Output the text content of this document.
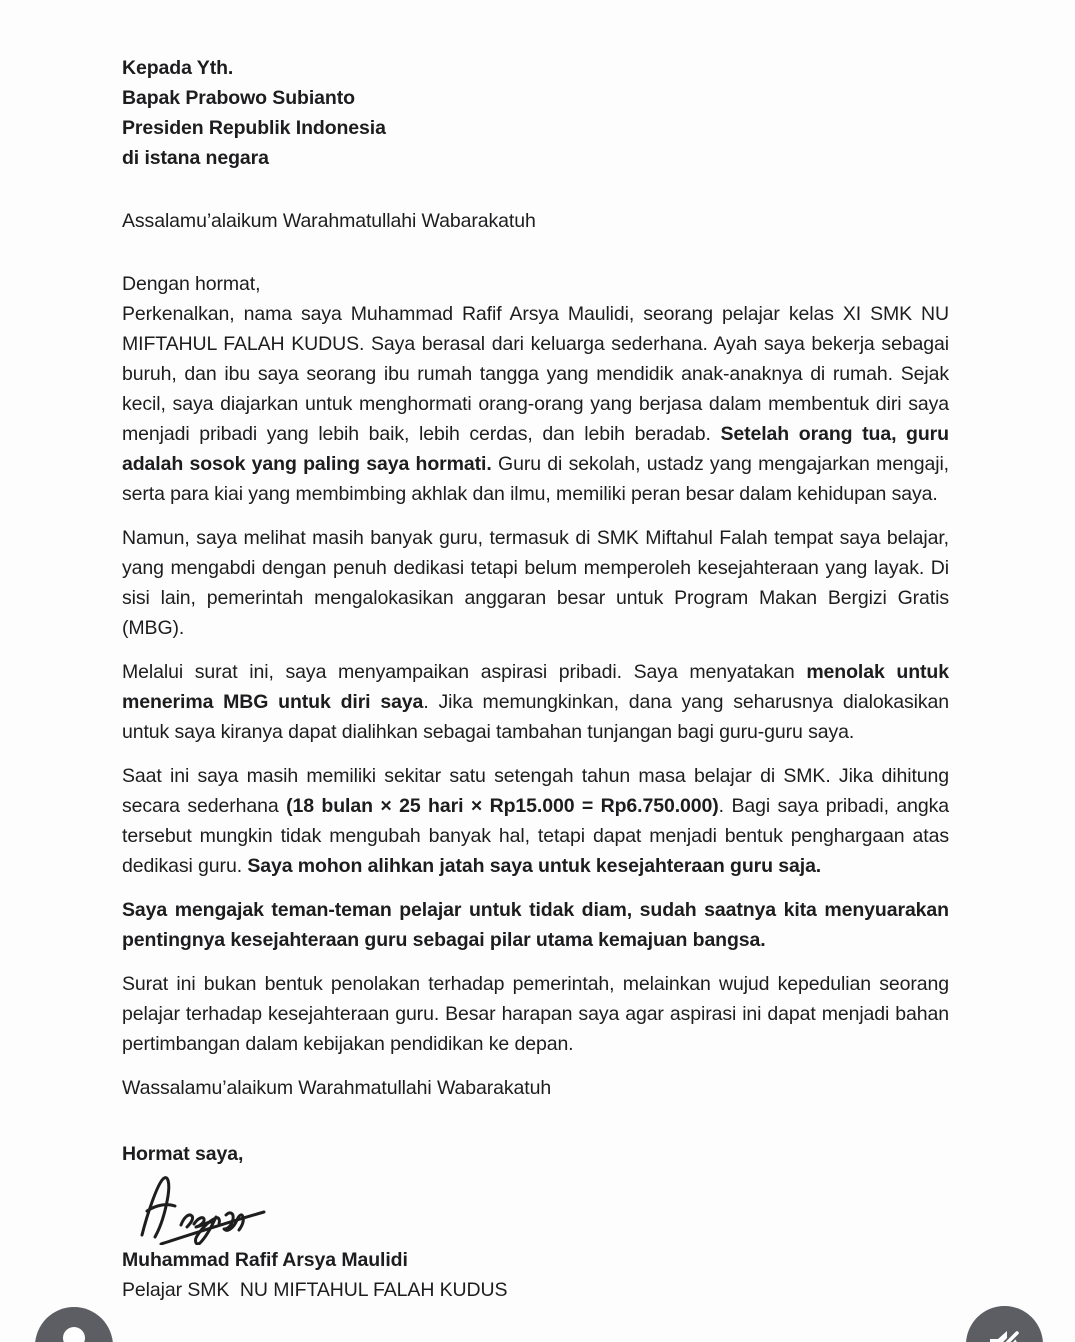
Kepada Yth.
Bapak Prabowo Subianto
Presiden Republik Indonesia
di istana negara
Assalamu’alaikum Warahmatullahi Wabarakatuh
Dengan hormat,

Perkenalkan, nama saya Muhammad Rafif Arsya Maulidi, seorang pelajar kelas XI SMK NU MIFTAHUL FALAH KUDUS. Saya berasal dari keluarga sederhana. Ayah saya bekerja sebagai buruh, dan ibu saya seorang ibu rumah tangga yang mendidik anak-anaknya di rumah. Sejak kecil, saya diajarkan untuk menghormati orang-orang yang berjasa dalam membentuk diri saya menjadi pribadi yang lebih baik, lebih cerdas, dan lebih beradab. Setelah orang tua, guru adalah sosok yang paling saya hormati. Guru di sekolah, ustadz yang mengajarkan mengaji, serta para kiai yang membimbing akhlak dan ilmu, memiliki peran besar dalam kehidupan saya.

Namun, saya melihat masih banyak guru, termasuk di SMK Miftahul Falah tempat saya belajar, yang mengabdi dengan penuh dedikasi tetapi belum memperoleh kesejahteraan yang layak. Di sisi lain, pemerintah mengalokasikan anggaran besar untuk Program Makan Bergizi Gratis (MBG).

Melalui surat ini, saya menyampaikan aspirasi pribadi. Saya menyatakan menolak untuk menerima MBG untuk diri saya. Jika memungkinkan, dana yang seharusnya dialokasikan untuk saya kiranya dapat dialihkan sebagai tambahan tunjangan bagi guru-guru saya.

Saat ini saya masih memiliki sekitar satu setengah tahun masa belajar di SMK. Jika dihitung secara sederhana (18 bulan × 25 hari × Rp15.000 = Rp6.750.000). Bagi saya pribadi, angka tersebut mungkin tidak mengubah banyak hal, tetapi dapat menjadi bentuk penghargaan atas dedikasi guru. Saya mohon alihkan jatah saya untuk kesejahteraan guru saja.

Saya mengajak teman-teman pelajar untuk tidak diam, sudah saatnya kita menyuarakan pentingnya kesejahteraan guru sebagai pilar utama kemajuan bangsa.

Surat ini bukan bentuk penolakan terhadap pemerintah, melainkan wujud kepedulian seorang pelajar terhadap kesejahteraan guru. Besar harapan saya agar aspirasi ini dapat menjadi bahan pertimbangan dalam kebijakan pendidikan ke depan.

Wassalamu’alaikum Warahmatullahi Wabarakatuh
Hormat saya,
Muhammad Rafif Arsya Maulidi
Pelajar SMK  NU MIFTAHUL FALAH KUDUS
